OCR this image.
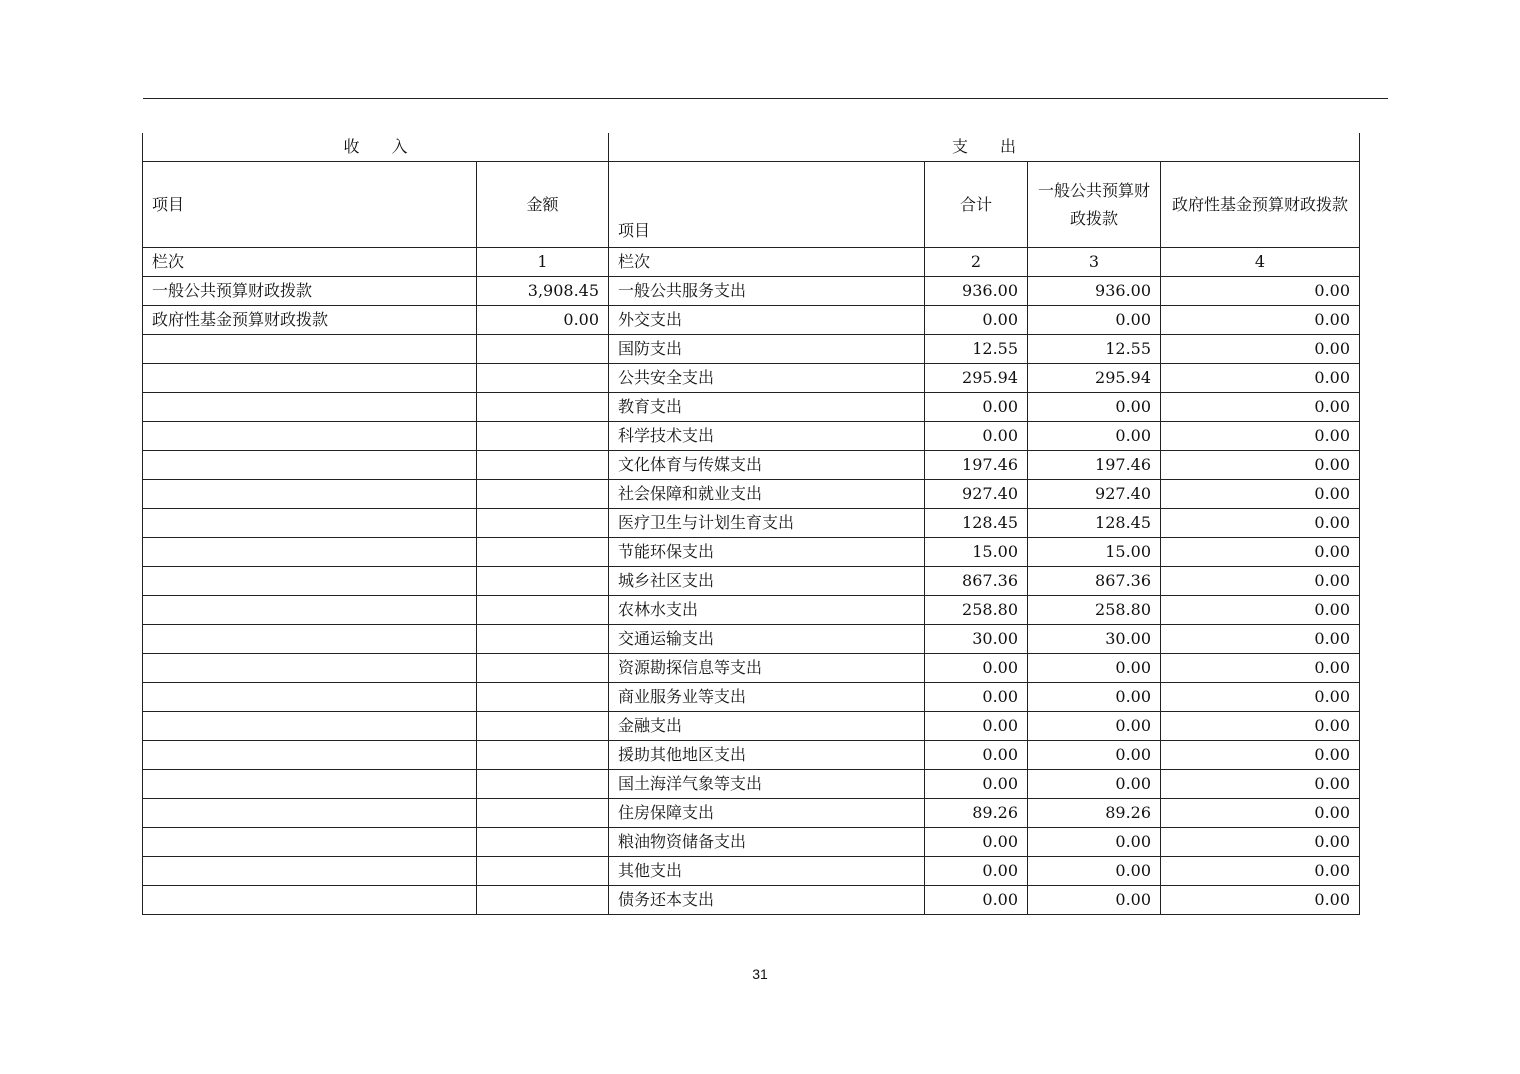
收　　入		支　　出			
项目	金额	项目	合计	一般公共预算财政拨款	政府性基金预算财政拨款
栏次	1	栏次	2	3	4
一般公共预算财政拨款	3,908.45	一般公共服务支出	936.00	936.00	0.00
政府性基金预算财政拨款	0.00	外交支出	0.00	0.00	0.00
		国防支出	12.55	12.55	0.00
		公共安全支出	295.94	295.94	0.00
		教育支出	0.00	0.00	0.00
		科学技术支出	0.00	0.00	0.00
		文化体育与传媒支出	197.46	197.46	0.00
		社会保障和就业支出	927.40	927.40	0.00
		医疗卫生与计划生育支出	128.45	128.45	0.00
		节能环保支出	15.00	15.00	0.00
		城乡社区支出	867.36	867.36	0.00
		农林水支出	258.80	258.80	0.00
		交通运输支出	30.00	30.00	0.00
		资源勘探信息等支出	0.00	0.00	0.00
		商业服务业等支出	0.00	0.00	0.00
		金融支出	0.00	0.00	0.00
		援助其他地区支出	0.00	0.00	0.00
		国土海洋气象等支出	0.00	0.00	0.00
		住房保障支出	89.26	89.26	0.00
		粮油物资储备支出	0.00	0.00	0.00
		其他支出	0.00	0.00	0.00
		债务还本支出	0.00	0.00	0.00
31
